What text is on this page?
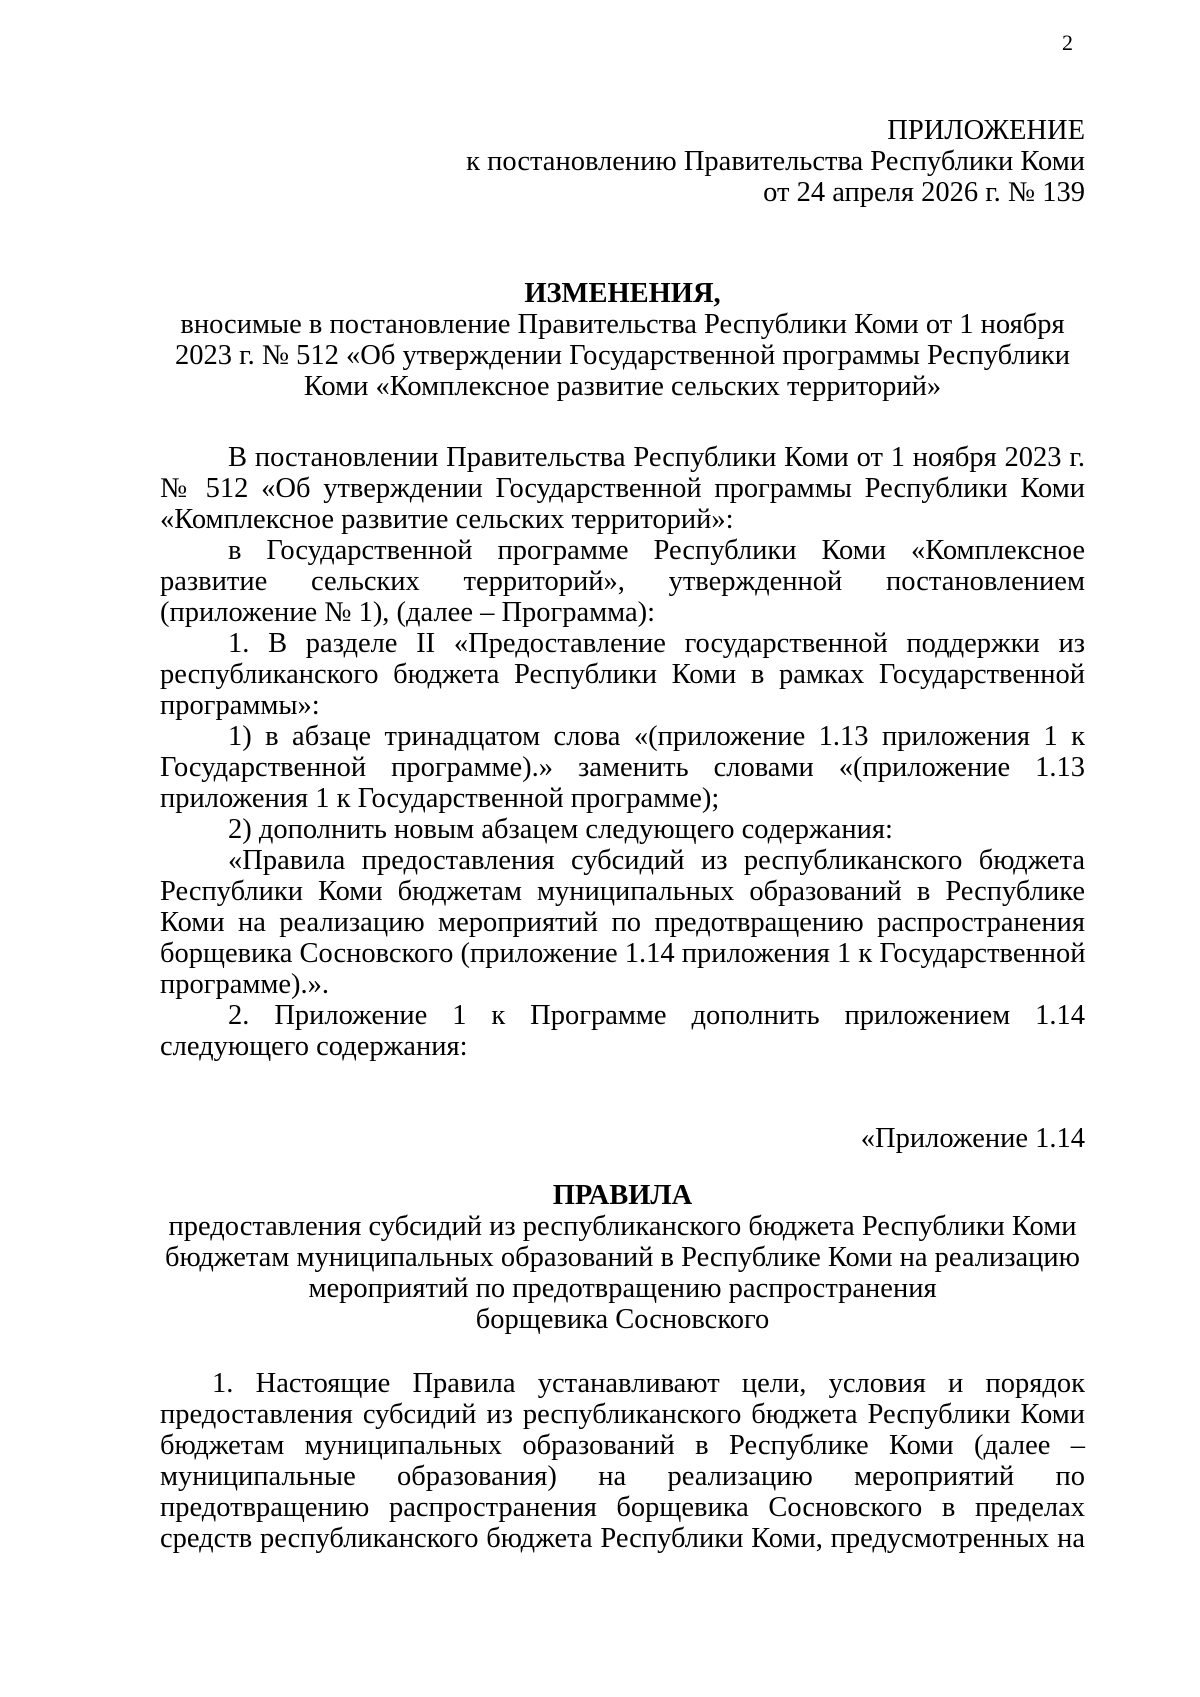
2
ПРИЛОЖЕНИЕ
к постановлению Правительства Республики Коми
от 24 апреля 2026 г. № 139
ИЗМЕНЕНИЯ,
вносимые в постановление Правительства Республики Коми от 1 ноября
2023 г. № 512 «Об утверждении Государственной программы Республики
Коми «Комплексное развитие сельских территорий»
В постановлении Правительства Республики Коми от 1 ноября 2023 г.
№ 512 «Об утверждении Государственной программы Республики Коми
«Комплексное развитие сельских территорий»:
в Государственной программе Республики Коми «Комплексное
развитие сельских территорий», утвержденной постановлением
(приложение № 1), (далее – Программа):
1. В разделе II «Предоставление государственной поддержки из
республиканского бюджета Республики Коми в рамках Государственной
программы»:
1) в абзаце тринадцатом слова «(приложение 1.13 приложения 1 к
Государственной программе).» заменить словами «(приложение 1.13
приложения 1 к Государственной программе);
2) дополнить новым абзацем следующего содержания:
«Правила предоставления субсидий из республиканского бюджета
Республики Коми бюджетам муниципальных образований в Республике
Коми на реализацию мероприятий по предотвращению распространения
борщевика Сосновского (приложение 1.14 приложения 1 к Государственной
программе).».
2. Приложение 1 к Программе дополнить приложением 1.14
следующего содержания:
«Приложение 1.14
ПРАВИЛА
предоставления субсидий из республиканского бюджета Республики Коми
бюджетам муниципальных образований в Республике Коми на реализацию
мероприятий по предотвращению распространения
борщевика Сосновского
1. Настоящие Правила устанавливают цели, условия и порядок
предоставления субсидий из республиканского бюджета Республики Коми
бюджетам муниципальных образований в Республике Коми (далее –
муниципальные образования) на реализацию мероприятий по
предотвращению распространения борщевика Сосновского в пределах
средств республиканского бюджета Республики Коми, предусмотренных на
